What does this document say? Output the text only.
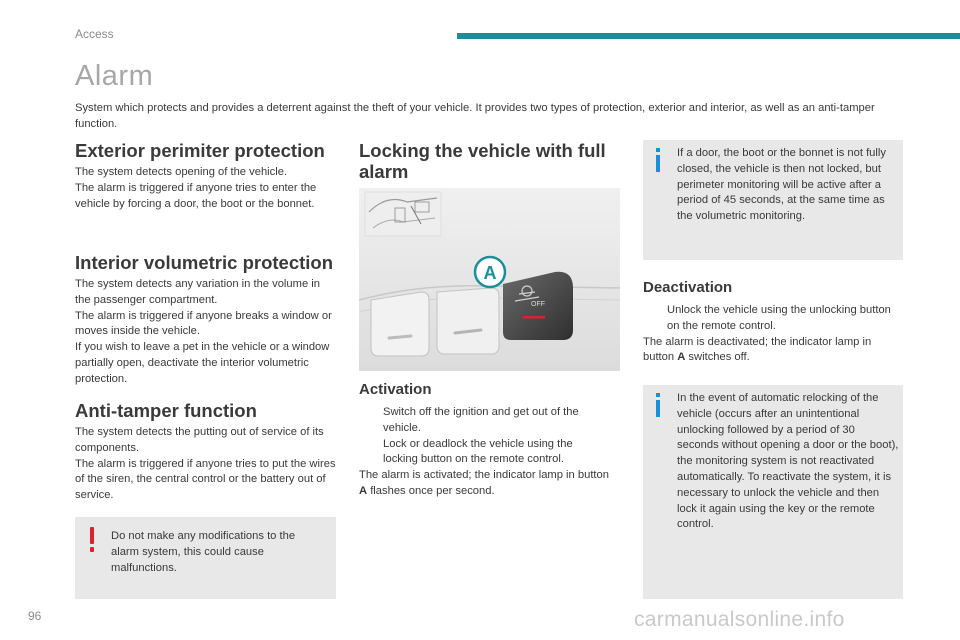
Access
Alarm
System which protects and provides a deterrent against the theft of your vehicle. It provides two types of protection, exterior and interior, as well as an anti-tamper function.
Exterior perimiter protection
The system detects opening of the vehicle.
The alarm is triggered if anyone tries to enter the vehicle by forcing a door, the boot or the bonnet.
Interior volumetric protection
The system detects any variation in the volume in the passenger compartment.
The alarm is triggered if anyone breaks a window or moves inside the vehicle.
If you wish to leave a pet in the vehicle or a window partially open, deactivate the interior volumetric protection.
Anti-tamper function
The system detects the putting out of service of its components.
The alarm is triggered if anyone tries to put the wires of the siren, the central control or the battery out of service.
Do not make any modifications to the alarm system, this could cause malfunctions.
Locking the vehicle with full alarm
OFF
A
Activation
Switch off the ignition and get out of the vehicle.
Lock or deadlock the vehicle using the locking button on the remote control.
The alarm is activated; the indicator lamp in button A flashes once per second.
If a door, the boot or the bonnet is not fully closed, the vehicle is then not locked, but perimeter monitoring will be active after a period of 45 seconds, at the same time as the volumetric monitoring.
Deactivation
Unlock the vehicle using the unlocking button on the remote control.
The alarm is deactivated; the indicator lamp in button A switches off.
In the event of automatic relocking of the vehicle (occurs after an unintentional unlocking followed by a period of 30 seconds without opening a door or the boot), the monitoring system is not reactivated automatically. To reactivate the system, it is necessary to unlock the vehicle and then lock it again using the key or the remote control.
96	carmanualsonline.info
